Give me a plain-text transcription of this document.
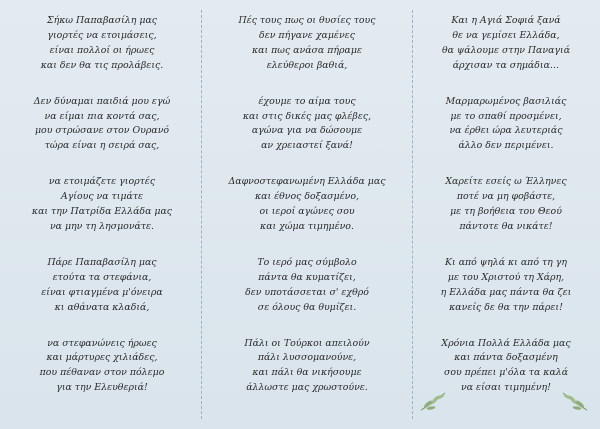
Σήκω Παπαβασίλη μας
γιορτές να ετοιμάσεις,
είναι πολλοί οι ήρωες
και δεν θα τις προλάβεις.
Δεν δύναμαι παιδιά μου εγώ
να είμαι πια κοντά σας,
μου στρώσανε στον Ουρανό
τώρα είναι η σειρά σας,
να ετοιμάζετε γιορτές
Αγίους να τιμάτε
και την Πατρίδα Ελλάδα μας
να μην τη λησμονάτε.
Πάρε Παπαβασίλη μας
ετούτα τα στεφάνια,
είναι φτιαγμένα μ'όνειρα
κι αθάνατα κλαδιά,
να στεφανώνεις ήρωες
και μάρτυρες χιλιάδες,
που πέθαναν στον πόλεμο
για την Ελευθεριά!
Πές τους πως οι θυσίες τους
δεν πήγανε χαμένες
και πως ανάσα πήραμε
ελεύθεροι βαθιά,
έχουμε το αίμα τους
και στις δικές μας φλέβες,
αγώνα για να δώσουμε
αν χρειαστεί ξανά!
Δαφνοστεφανωμένη Ελλάδα μας
και έθνος δοξασμένο,
οι ιεροί αγώνες σου
και χώμα τιμημένο.
Το ιερό μας σύμβολο
πάντα θα κυματίζει,
δεν υποτάσσεται σ' εχθρό
σε όλους θα θυμίζει.
Πάλι οι Τούρκοι απειλούν
πάλι λυσσομανούνε,
και πάλι θα νικήσουμε
άλλωστε μας χρωστούνε.
Και η Αγιά Σοφιά ξανά
θε να γεμίσει Ελλάδα,
θα ψάλουμε στην Παναγιά
άρχισαν τα σημάδια…
Μαρμαρωμένος βασιλιάς
με το σπαθί προσμένει,
να έρθει ώρα λευτεριάς
άλλο δεν περιμένει.
Χαρείτε εσείς ω Έλληνες
ποτέ να μη φοβάστε,
με τη βοήθεια του Θεού
πάντοτε θα νικάτε!
Κι από ψηλά κι από τη γη
με του Χριστού τη Χάρη,
η Ελλάδα μας πάντα θα ζει
κανείς δε θα την πάρει!
Χρόνια Πολλά Ελλάδα μας
και πάντα δοξασμένη
σου πρέπει μ'όλα τα καλά
να είσαι τιμημένη!
